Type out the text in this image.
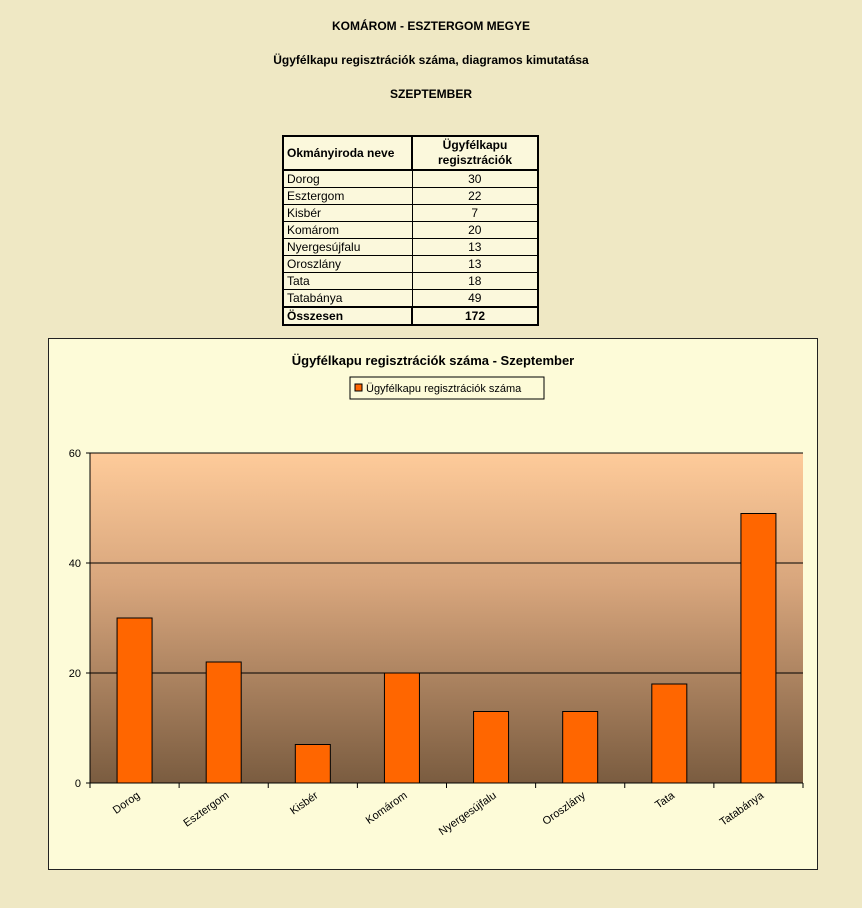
KOMÁROM - ESZTERGOM MEGYE
Ügyfélkapu regisztrációk száma, diagramos kimutatása
SZEPTEMBER
Okmányiroda neve	Ügyfélkapu
regisztrációk
Dorog	30
Esztergom	22
Kisbér	7
Komárom	20
Nyergesújfalu	13
Oroszlány	13
Tata	18
Tatabánya	49
Összesen	172
Ügyfélkapu regisztrációk száma - Szeptember
Ügyfélkapu regisztrációk száma
0
20
40
60
Dorog	Esztergom	Kisbér	Komárom Nyergesújfalu	Oroszlány	Tata	Tatabánya
